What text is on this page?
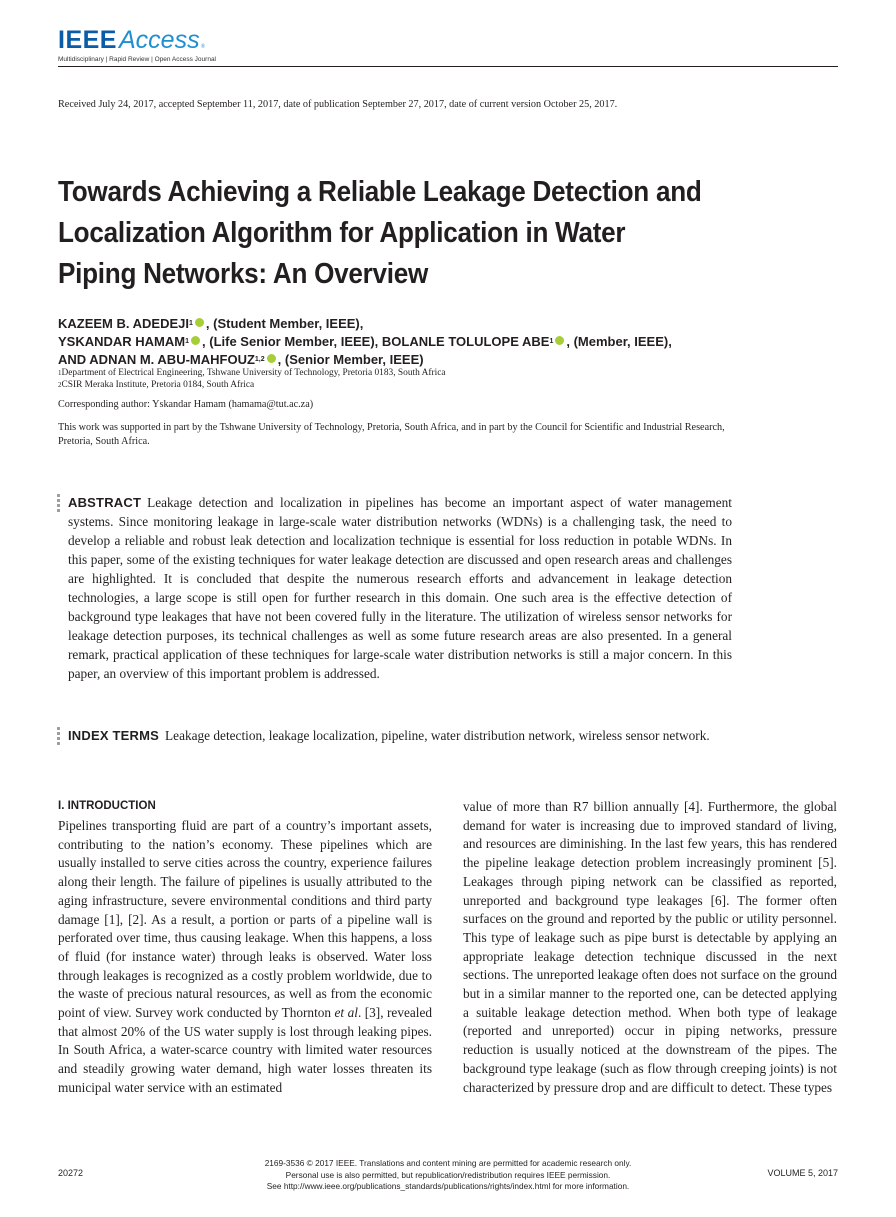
IEEE Access ®
Multidisciplinary | Rapid Review | Open Access Journal
Received July 24, 2017, accepted September 11, 2017, date of publication September 27, 2017, date of current version October 25, 2017.
Towards Achieving a Reliable Leakage Detection and Localization Algorithm for Application in Water Piping Networks: An Overview
KAZEEM B. ADEDEJI$^1$ , (Student Member, IEEE),
YSKANDAR HAMAM$^1$ , (Life Senior Member, IEEE), BOLANLE TOLULOPE ABE$^1$ , (Member, IEEE),
AND ADNAN M. ABU-MAHFOUZ$^{1,2}$ , (Senior Member, IEEE)
$^1$Department of Electrical Engineering, Tshwane University of Technology, Pretoria 0183, South Africa
$^2$CSIR Meraka Institute, Pretoria 0184, South Africa
Corresponding author: Yskandar Hamam (hamama@tut.ac.za)
This work was supported in part by the Tshwane University of Technology, Pretoria, South Africa, and in part by the Council for Scientific and Industrial Research, Pretoria, South Africa.
ABSTRACT Leakage detection and localization in pipelines has become an important aspect of water management systems. Since monitoring leakage in large-scale water distribution networks (WDNs) is a challenging task, the need to develop a reliable and robust leak detection and localization technique is essential for loss reduction in potable WDNs. In this paper, some of the existing techniques for water leakage detection are discussed and open research areas and challenges are highlighted. It is concluded that despite the numerous research efforts and advancement in leakage detection technologies, a large scope is still open for further research in this domain. One such area is the effective detection of background type leakages that have not been covered fully in the literature. The utilization of wireless sensor networks for leakage detection purposes, its technical challenges as well as some future research areas are also presented. In a general remark, practical application of these techniques for large-scale water distribution networks is still a major concern. In this paper, an overview of this important problem is addressed.
INDEX TERMS Leakage detection, leakage localization, pipeline, water distribution network, wireless sensor network.
I. INTRODUCTION
Pipelines transporting fluid are part of a country’s important assets, contributing to the nation’s economy. These pipelines which are usually installed to serve cities across the country, experience failures along their length. The failure of pipelines is usually attributed to the aging infrastructure, severe environmental conditions and third party damage [1], [2]. As a result, a portion or parts of a pipeline wall is perforated over time, thus causing leakage. When this happens, a loss of fluid (for instance water) through leaks is observed. Water loss through leakages is recognized as a costly problem worldwide, due to the waste of precious natural resources, as well as from the economic point of view. Survey work conducted by Thornton et al. [3], revealed that almost 20% of the US water supply is lost through leaking pipes. In South Africa, a water-scarce country with limited water resources and steadily growing water demand, high water losses threaten its municipal water service with an estimated
value of more than R7 billion annually [4]. Furthermore, the global demand for water is increasing due to improved standard of living, and resources are diminishing. In the last few years, this has rendered the pipeline leakage detection problem increasingly prominent [5]. Leakages through piping network can be classified as reported, unreported and background type leakages [6]. The former often surfaces on the ground and reported by the public or utility personnel. This type of leakage such as pipe burst is detectable by applying an appropriate leakage detection technique discussed in the next sections. The unreported leakage often does not surface on the ground but in a similar manner to the reported one, can be detected applying a suitable leakage detection method. When both type of leakage (reported and unreported) occur in piping networks, pressure reduction is usually noticed at the downstream of the pipes. The background type leakage (such as flow through creeping joints) is not characterized by pressure drop and are difficult to detect. These types
20272
2169-3536 © 2017 IEEE. Translations and content mining are permitted for academic research only.
Personal use is also permitted, but republication/redistribution requires IEEE permission.
See http://www.ieee.org/publications_standards/publications/rights/index.html for more information.
VOLUME 5, 2017
